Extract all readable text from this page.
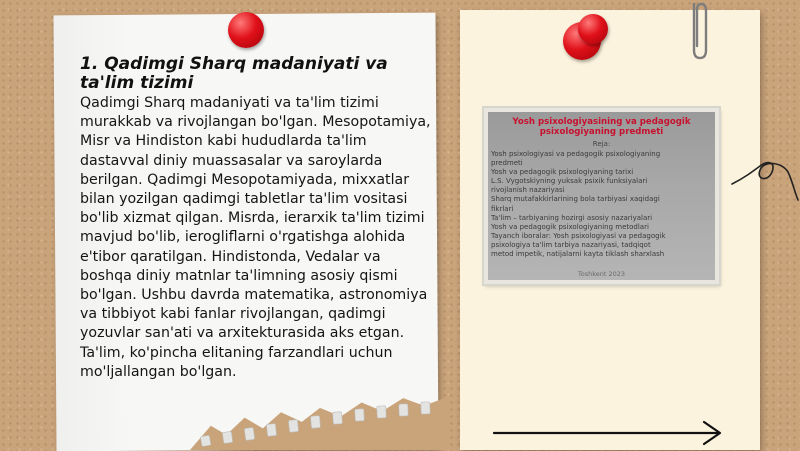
1. Qadimgi Sharq madaniyati va ta'lim tizimi

Qadimgi Sharq madaniyati va ta'lim tizimi murakkab va rivojlangan bo'lgan. Mesopotamiya, Misr va Hindiston kabi hududlarda ta'lim dastavval diniy muassasalar va saroylarda berilgan. Qadimgi Mesopotamiyada, mixxatlar bilan yozilgan qadimgi tabletlar ta'lim vositasi bo'lib xizmat qilgan. Misrda, ierarxik ta'lim tizimi mavjud bo'lib, ierogliflarni o'rgatishga alohida e'tibor qaratilgan. Hindistonda, Vedalar va boshqa diniy matnlar ta'limning asosiy qismi bo'lgan. Ushbu davrda matematika, astronomiya va tibbiyot kabi fanlar rivojlangan, qadimgi yozuvlar san'ati va arxitekturasida aks etgan. Ta'lim, ko'pincha elitaning farzandlari uchun mo'ljallangan bo'lgan.

Yosh psixologiyasining va pedagogik psixologiyaning predmeti
Reja:
Yosh psixologiyasi va pedagogik psixologiyaning
predmeti
Yosh va pedagogik psixologiyaning tarixi
L.S. Vygotskiyning yuksak psixik funksiyalari
rivojlanish nazariyasi
Sharq mutafakkirlarining bola tarbiyasi xaqidagi
fikrlari
Ta'lim – tarbiyaning hozirgi asosiy nazariyalari
Yosh va pedagogik psixologiyaning metodlari
Tayanch iboralar: Yosh psixologiyasi va pedagogik
psixologiya ta'lim tarbiya nazariyasi, tadqiqot
metod impetik, natijalarni kayta tiklash sharxlash
Toshkent 2023
